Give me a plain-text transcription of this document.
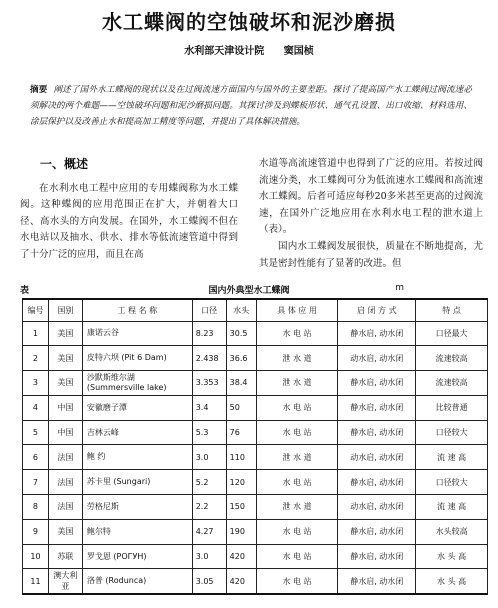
水工蝶阀的空蚀破坏和泥沙磨损
水利部天津设计院 窦国桢
摘要 阐述了国外水工蝶阀的现状以及在过阀流速方面国内与国外的主要差距。探讨了提高国产水工蝶阀过阀流速必须解决的两个难题——空蚀破坏问题和泥沙磨损问题。其探讨涉及到蝶板形状、通气孔设置、出口收缩、材料选用、涂层保护以及改善止水和提高加工精度等问题，并提出了具体解决措施。
一、概述

在水利水电工程中应用的专用蝶阀称为水工蝶阀。这种蝶阀的应用范围正在扩大，并朝着大口径、高水头的方向发展。在国外，水工蝶阀不但在水电站以及抽水、供水、排水等低流速管道中得到了十分广泛的应用，而且在高

水道等高流速管道中也得到了广泛的应用。若按过阀流速分类，水工蝶阀可分为低流速水工蝶阀和高流速水工蝶阀。后者可适应每秒20多米甚至更高的过阀流速，在国外广泛地应用在水利水电工程的泄水道上（表）。

国内水工蝶阀发展很快，质量在不断地提高，尤其是密封性能有了显著的改进。但

表	国内外典型水工蝶阀	m
编号	国别	工 程 名 称	口径	水头	具 体 应 用	启 闭 方 式	特 点
1	美国	康诺云谷	8.23	30.5	水 电 站	静水启, 动水闭	口径最大
2	美国	皮特六坝 (Pit 6 Dam)	2.438	36.6	泄 水 道	动水启, 动水闭	流速较高
3	美国	沙默斯维尔湖 (Summersville lake)	3.353	38.4	泄 水 道	静水启, 动水闭	流速较高
4	中国	安徽磨子潭	3.4	50	水 电 站	静水启, 动水闭	比较普通
5	中国	吉林云峰	5.3	76	水 电 站	静水启, 动水闭	口径较大
6	法国	鲍 约	3.0	110	泄 水 道	动水启, 动水闭	流 速 高
7	法国	苏卡里 (Sungari)	5.2	120	水 电 站	静水启, 动水闭	口径较大
8	法国	劳格尼斯	2.2	150	泄 水 道	动水启, 动水闭	流 速 高
9	美国	鲍尔特	4.27	190	水 电 站	静水启, 动水闭	水头较高
10	苏联	罗戈恩 (РОГУН)	3.0	420	水 电 站	静水启, 动水闭	水 头 高
11	澳大利亚	洛普 (Rodunca)	3.05	420	水 电 站	静水启, 动水闭	水 头 高
